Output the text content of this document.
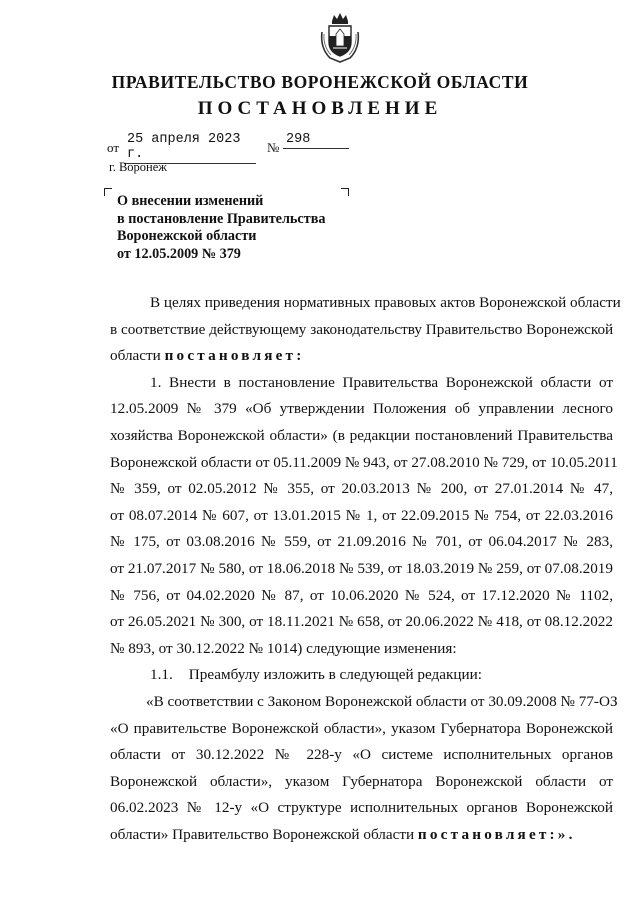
ПРАВИТЕЛЬСТВО ВОРОНЕЖСКОЙ ОБЛАСТИ
ПОСТАНОВЛЕНИЕ
от
25 апреля 2023 г.	№
298
г. Воронеж
О внесении изменений
в постановление Правительства
Воронежской области
от 12.05.2009 № 379

В целях приведения нормативных правовых актов Воронежской области
в соответствие действующему законодательству Правительство Воронежской
области постановляет:

1. Внести в постановление Правительства Воронежской области от
12.05.2009 № 379 «Об утверждении Положения об управлении лесного
хозяйства Воронежской области» (в редакции постановлений Правительства
Воронежской области от 05.11.2009 № 943, от 27.08.2010 № 729, от 10.05.2011
№ 359, от 02.05.2012 № 355, от 20.03.2013 № 200, от 27.01.2014 № 47,
от 08.07.2014 № 607, от 13.01.2015 № 1, от 22.09.2015 № 754, от 22.03.2016
№ 175, от 03.08.2016 № 559, от 21.09.2016 № 701, от 06.04.2017 № 283,
от 21.07.2017 № 580, от 18.06.2018 № 539, от 18.03.2019 № 259, от 07.08.2019
№ 756, от 04.02.2020 № 87, от 10.06.2020 № 524, от 17.12.2020 № 1102,
от 26.05.2021 № 300, от 18.11.2021 № 658, от 20.06.2022 № 418, от 08.12.2022
№ 893, от 30.12.2022 № 1014) следующие изменения:

1.1. Преамбулу изложить в следующей редакции:

«В соответствии с Законом Воронежской области от 30.09.2008 № 77-ОЗ
«О правительстве Воронежской области», указом Губернатора Воронежской
области от 30.12.2022 № 228-у «О системе исполнительных органов
Воронежской области», указом Губернатора Воронежской области от
06.02.2023 № 12-у «О структуре исполнительных органов Воронежской
области» Правительство Воронежской области постановляет:».
